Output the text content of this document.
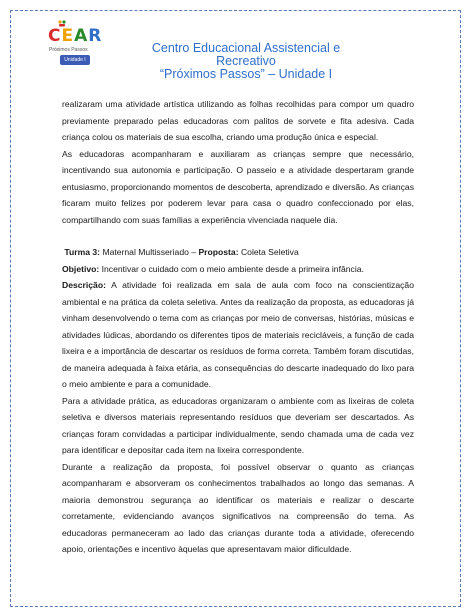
CEAR
Próximos Passos
Unidade I
Centro Educacional Assistencial e Recreativo
“Próximos Passos” – Unidade I

realizaram uma atividade artística utilizando as folhas recolhidas para compor um quadro previamente preparado pelas educadoras com palitos de sorvete e fita adesiva. Cada criança colou os materiais de sua escolha, criando uma produção única e especial.

As educadoras acompanharam e auxiliaram as crianças sempre que necessário, incentivando sua autonomia e participação. O passeio e a atividade despertaram grande entusiasmo, proporcionando momentos de descoberta, aprendizado e diversão. As crianças ficaram muito felizes por poderem levar para casa o quadro confeccionado por elas, compartilhando com suas famílias a experiência vivenciada naquele dia.

Turma 3: Maternal Multisseriado – Proposta: Coleta Seletiva

Objetivo: Incentivar o cuidado com o meio ambiente desde a primeira infância.

Descrição: A atividade foi realizada em sala de aula com foco na conscientização ambiental e na prática da coleta seletiva. Antes da realização da proposta, as educadoras já vinham desenvolvendo o tema com as crianças por meio de conversas, histórias, músicas e atividades lúdicas, abordando os diferentes tipos de materiais recicláveis, a função de cada lixeira e a importância de descartar os resíduos de forma correta. Também foram discutidas, de maneira adequada à faixa etária, as consequências do descarte inadequado do lixo para o meio ambiente e para a comunidade.

Para a atividade prática, as educadoras organizaram o ambiente com as lixeiras de coleta seletiva e diversos materiais representando resíduos que deveriam ser descartados. As crianças foram convidadas a participar individualmente, sendo chamada uma de cada vez para identificar e depositar cada item na lixeira correspondente.

Durante a realização da proposta, foi possível observar o quanto as crianças acompanharam e absorveram os conhecimentos trabalhados ao longo das semanas. A maioria demonstrou segurança ao identificar os materiais e realizar o descarte corretamente, evidenciando avanços significativos na compreensão do tema. As educadoras permaneceram ao lado das crianças durante toda a atividade, oferecendo apoio, orientações e incentivo àquelas que apresentavam maior dificuldade.
